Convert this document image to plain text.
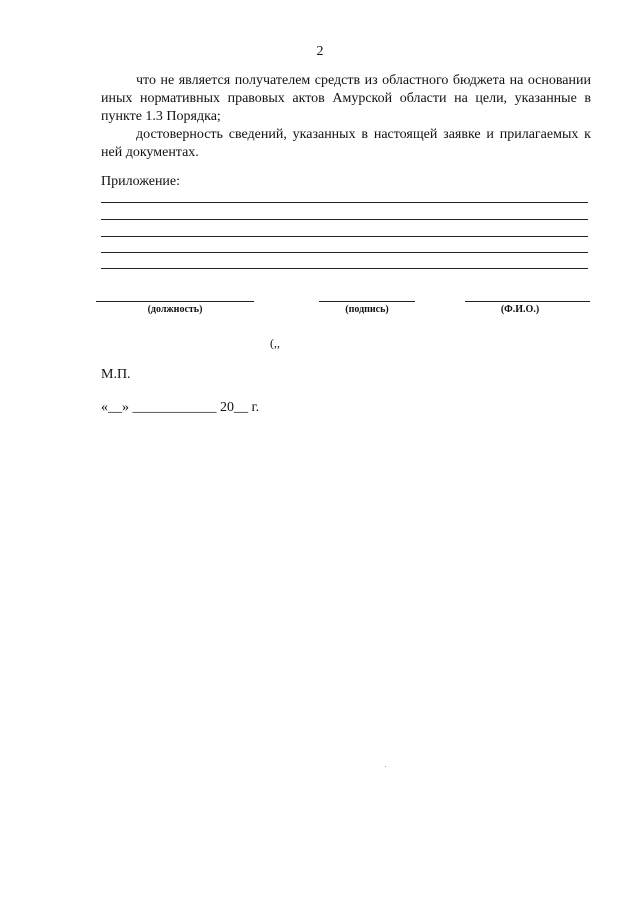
2

что не является получателем средств из областного бюджета на основании иных нормативных правовых актов Амурской области на цели, указанные в пункте 1.3 Порядка;

достоверность сведений, указанных в настоящей заявке и прилагаемых к ней документах.

Приложение:
(должность)	(подпись)	(Ф.И.О.)
(,,
М.П.
«__» ____________ 20__ г.
